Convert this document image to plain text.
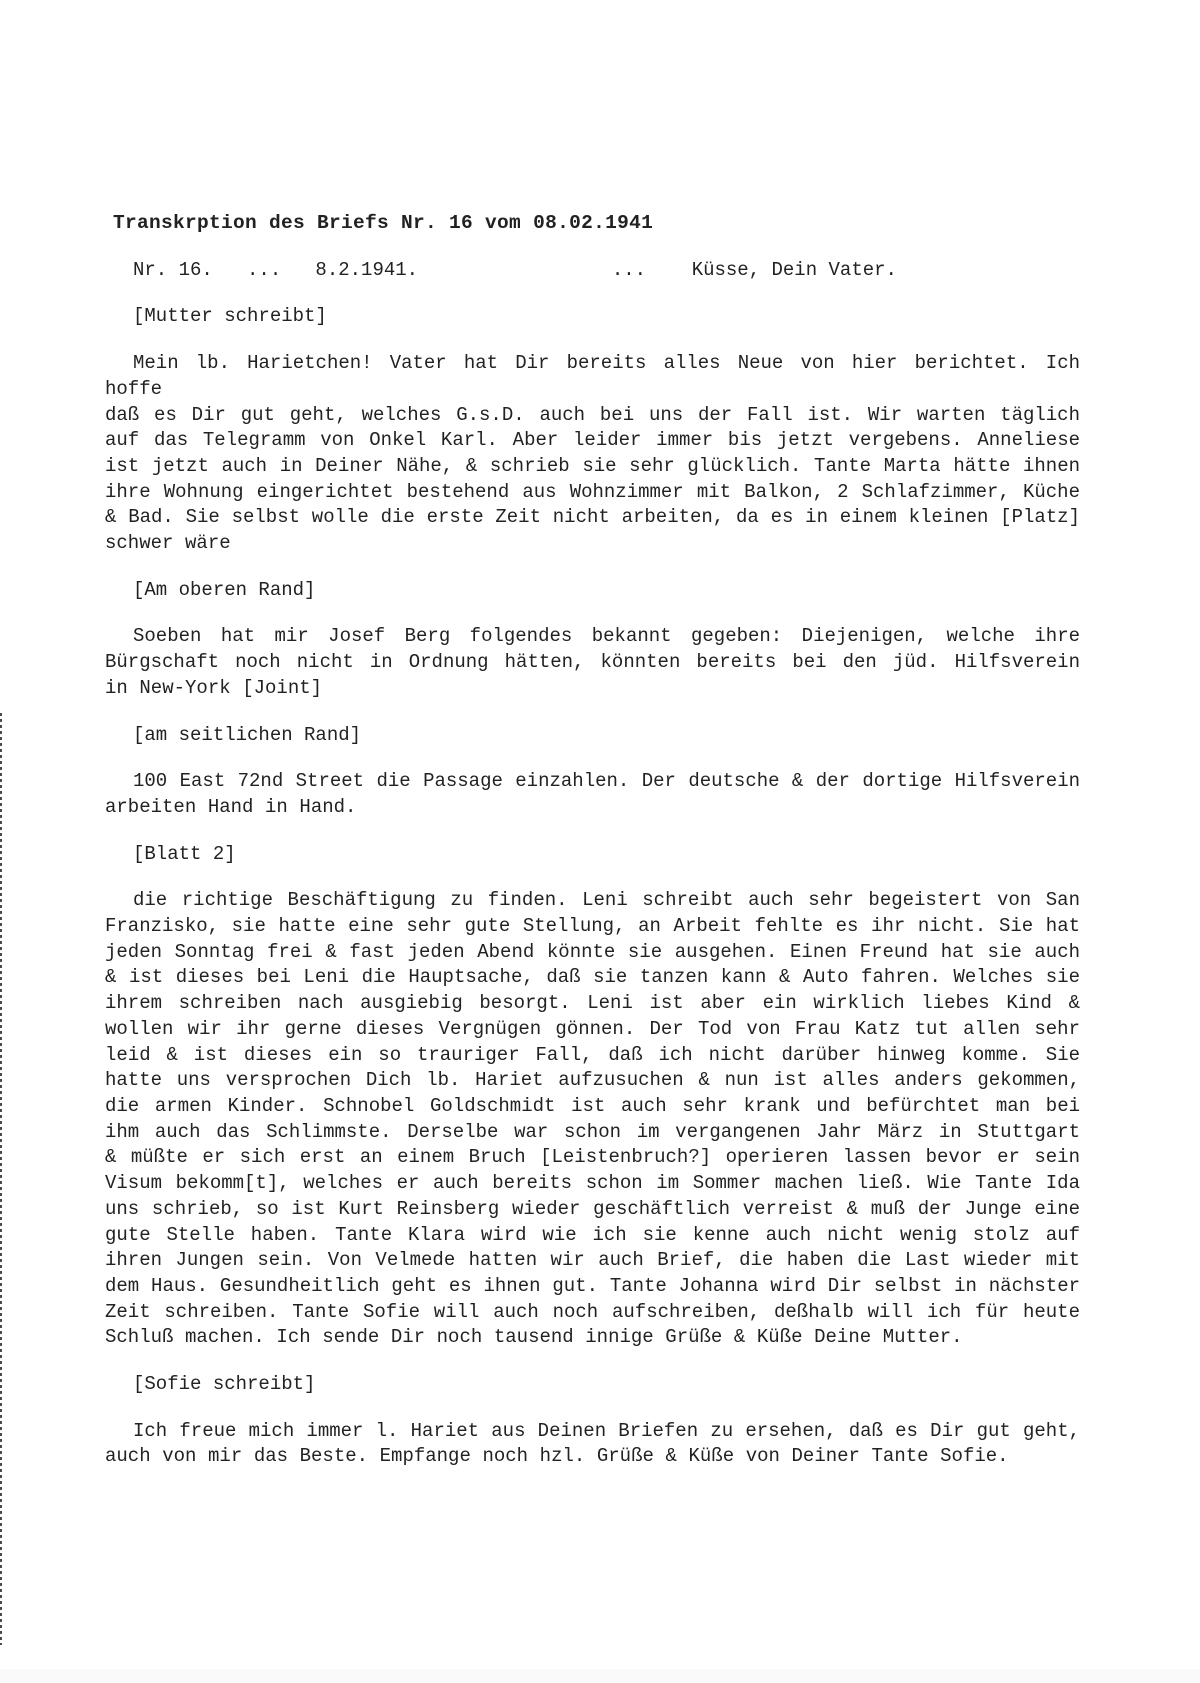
Transkrption des Briefs Nr. 16 vom 08.02.1941
Nr. 16.   ...   8.2.1941.                 ...    Küsse, Dein Vater.
[Mutter schreibt]
Mein lb. Harietchen! Vater hat Dir bereits alles Neue von hier berichtet. Ich hoffe
daß es Dir gut geht, welches G.s.D. auch bei uns der Fall ist. Wir warten täglich
auf das Telegramm von Onkel Karl. Aber leider immer bis jetzt vergebens. Anneliese
ist jetzt auch in Deiner Nähe, & schrieb sie sehr glücklich. Tante Marta hätte ihnen
ihre Wohnung eingerichtet bestehend aus Wohnzimmer mit Balkon, 2 Schlafzimmer, Küche
& Bad. Sie selbst wolle die erste Zeit nicht arbeiten, da es in einem kleinen [Platz]
schwer wäre
[Am oberen Rand]
Soeben hat mir Josef Berg folgendes bekannt gegeben: Diejenigen, welche ihre
Bürgschaft noch nicht in Ordnung hätten, könnten bereits bei den jüd. Hilfsverein
in New-York [Joint]
[am seitlichen Rand]
100 East 72nd Street die Passage einzahlen. Der deutsche & der dortige Hilfsverein
arbeiten Hand in Hand.
[Blatt 2]
die richtige Beschäftigung zu finden. Leni schreibt auch sehr begeistert von San
Franzisko, sie hatte eine sehr gute Stellung, an Arbeit fehlte es ihr nicht. Sie hat
jeden Sonntag frei & fast jeden Abend könnte sie ausgehen. Einen Freund hat sie auch
& ist dieses bei Leni die Hauptsache, daß sie tanzen kann & Auto fahren. Welches sie
ihrem schreiben nach ausgiebig besorgt. Leni ist aber ein wirklich liebes Kind &
wollen wir ihr gerne dieses Vergnügen gönnen. Der Tod von Frau Katz tut allen sehr
leid & ist dieses ein so trauriger Fall, daß ich nicht darüber hinweg komme. Sie
hatte uns versprochen Dich lb. Hariet aufzusuchen & nun ist alles anders gekommen,
die armen Kinder. Schnobel Goldschmidt ist auch sehr krank und befürchtet man bei
ihm auch das Schlimmste. Derselbe war schon im vergangenen Jahr März in Stuttgart
& müßte er sich erst an einem Bruch [Leistenbruch?] operieren lassen bevor er sein
Visum bekomm[t], welches er auch bereits schon im Sommer machen ließ. Wie Tante Ida
uns schrieb, so ist Kurt Reinsberg wieder geschäftlich verreist & muß der Junge eine
gute Stelle haben. Tante Klara wird wie ich sie kenne auch nicht wenig stolz auf
ihren Jungen sein. Von Velmede hatten wir auch Brief, die haben die Last wieder mit
dem Haus. Gesundheitlich geht es ihnen gut. Tante Johanna wird Dir selbst in nächster
Zeit schreiben. Tante Sofie will auch noch aufschreiben, deßhalb will ich für heute
Schluß machen. Ich sende Dir noch tausend innige Grüße & Küße Deine Mutter.
[Sofie schreibt]
Ich freue mich immer l. Hariet aus Deinen Briefen zu ersehen, daß es Dir gut geht,
auch von mir das Beste. Empfange noch hzl. Grüße & Küße von Deiner Tante Sofie.
